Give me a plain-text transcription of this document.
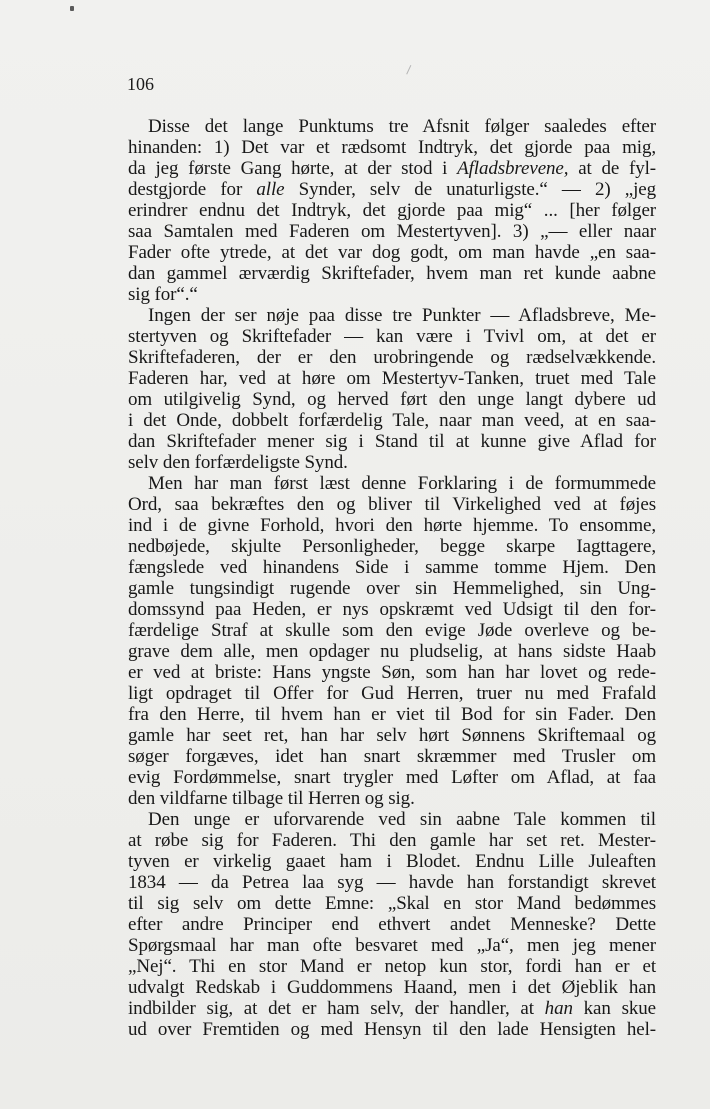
106
Disse det lange Punktums tre Afsnit følger saaledes efter
hinanden: 1) Det var et rædsomt Indtryk, det gjorde paa mig,
da jeg første Gang hørte, at der stod i Afladsbrevene, at de fyl-
destgjorde for alle Synder, selv de unaturligste.“ — 2) „jeg
erindrer endnu det Indtryk, det gjorde paa mig“ ... [her følger
saa Samtalen med Faderen om Mestertyven]. 3) „— eller naar
Fader ofte ytrede, at det var dog godt, om man havde „en saa-
dan gammel ærværdig Skriftefader, hvem man ret kunde aabne
sig for“.“
Ingen der ser nøje paa disse tre Punkter — Afladsbreve, Me-
stertyven og Skriftefader — kan være i Tvivl om, at det er
Skriftefaderen, der er den urobringende og rædselvækkende.
Faderen har, ved at høre om Mestertyv-Tanken, truet med Tale
om utilgivelig Synd, og herved ført den unge langt dybere ud
i det Onde, dobbelt forfærdelig Tale, naar man veed, at en saa-
dan Skriftefader mener sig i Stand til at kunne give Aflad for
selv den forfærdeligste Synd.
Men har man først læst denne Forklaring i de formummede
Ord, saa bekræftes den og bliver til Virkelighed ved at føjes
ind i de givne Forhold, hvori den hørte hjemme. To ensomme,
nedbøjede, skjulte Personligheder, begge skarpe Iagttagere,
fængslede ved hinandens Side i samme tomme Hjem. Den
gamle tungsindigt rugende over sin Hemmelighed, sin Ung-
domssynd paa Heden, er nys opskræmt ved Udsigt til den for-
færdelige Straf at skulle som den evige Jøde overleve og be-
grave dem alle, men opdager nu pludselig, at hans sidste Haab
er ved at briste: Hans yngste Søn, som han har lovet og rede-
ligt opdraget til Offer for Gud Herren, truer nu med Frafald
fra den Herre, til hvem han er viet til Bod for sin Fader. Den
gamle har seet ret, han har selv hørt Sønnens Skriftemaal og
søger forgæves, idet han snart skræmmer med Trusler om
evig Fordømmelse, snart trygler med Løfter om Aflad, at faa
den vildfarne tilbage til Herren og sig.
Den unge er uforvarende ved sin aabne Tale kommen til
at røbe sig for Faderen. Thi den gamle har set ret. Mester-
tyven er virkelig gaaet ham i Blodet. Endnu Lille Juleaften
1834 — da Petrea laa syg — havde han forstandigt skrevet
til sig selv om dette Emne: „Skal en stor Mand bedømmes
efter andre Principer end ethvert andet Menneske? Dette
Spørgsmaal har man ofte besvaret med „Ja“, men jeg mener
„Nej“. Thi en stor Mand er netop kun stor, fordi han er et
udvalgt Redskab i Guddommens Haand, men i det Øjeblik han
indbilder sig, at det er ham selv, der handler, at han kan skue
ud over Fremtiden og med Hensyn til den lade Hensigten hel-
